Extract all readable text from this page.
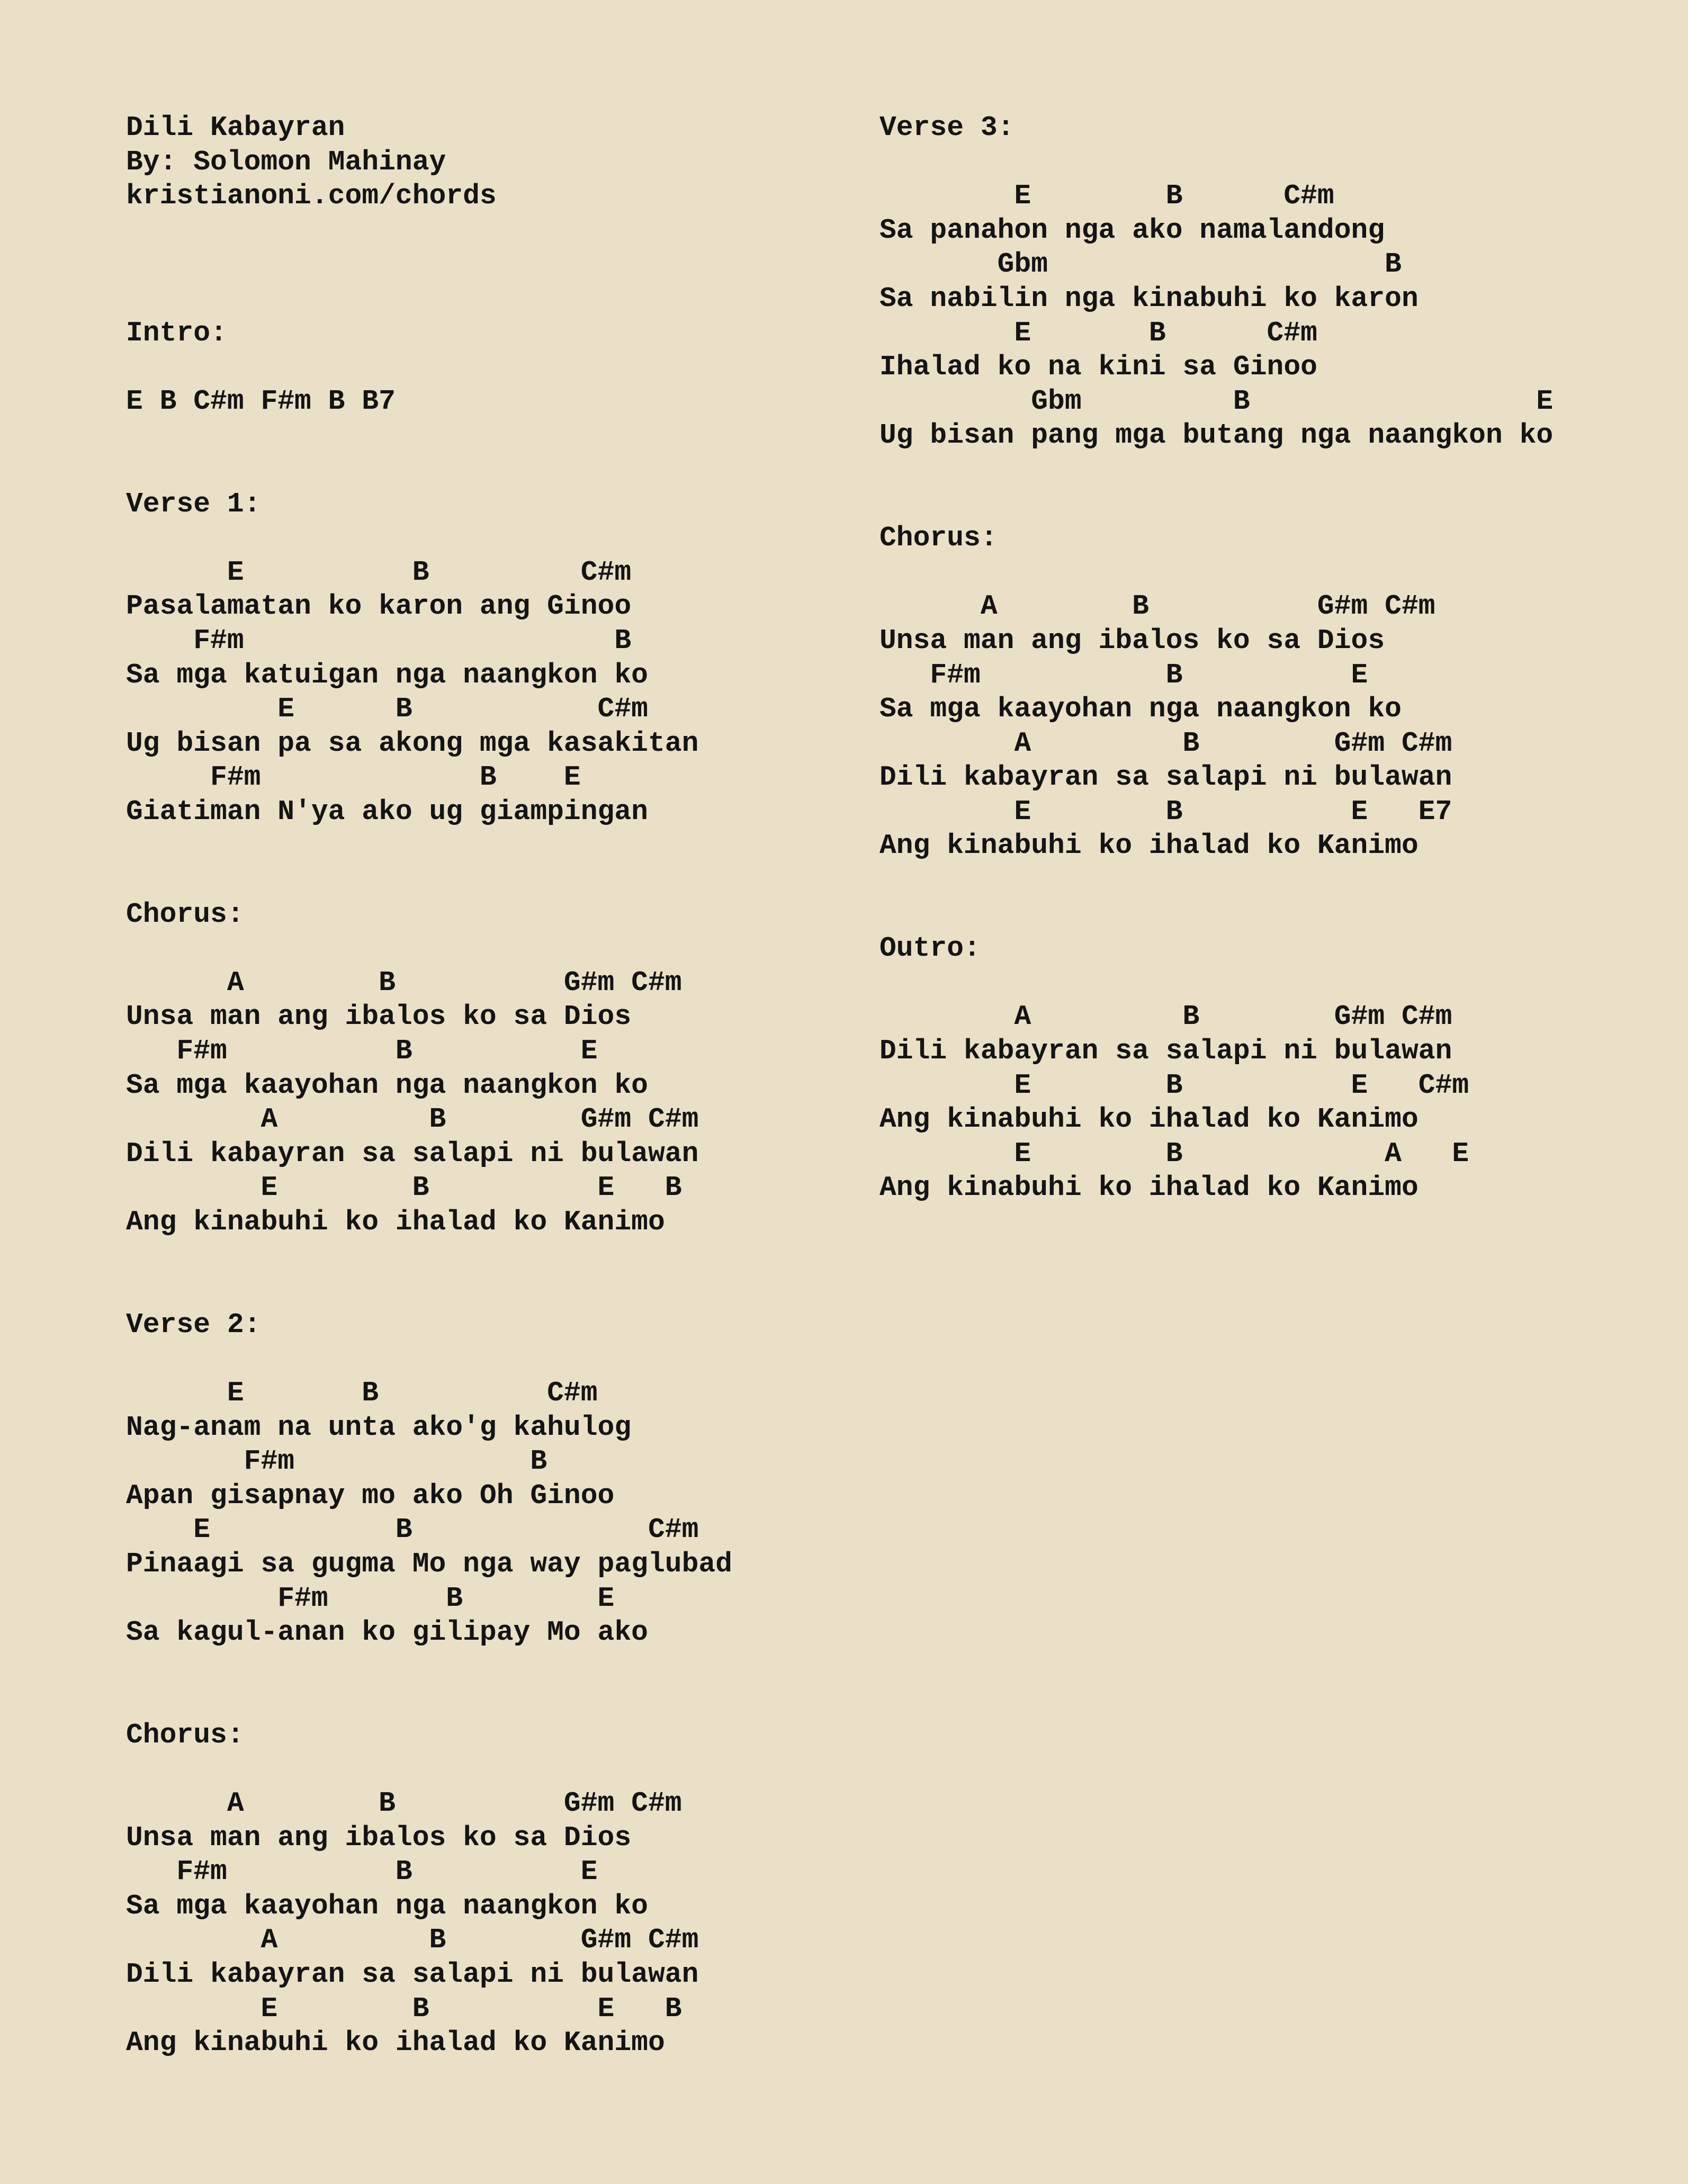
Dili Kabayran
By: Solomon Mahinay
kristianoni.com/chords
Intro:
E B C#m F#m B B7
Verse 1:
E          B         C#m
Pasalamatan ko karon ang Ginoo
F#m                      B
Sa mga katuigan nga naangkon ko
E      B           C#m
Ug bisan pa sa akong mga kasakitan
F#m             B    E
Giatiman N'ya ako ug giampingan
Chorus:
A        B          G#m C#m
Unsa man ang ibalos ko sa Dios
F#m          B          E
Sa mga kaayohan nga naangkon ko
A         B        G#m C#m
Dili kabayran sa salapi ni bulawan
E        B          E   B
Ang kinabuhi ko ihalad ko Kanimo
Verse 2:
E       B          C#m
Nag-anam na unta ako'g kahulog
F#m              B
Apan gisapnay mo ako Oh Ginoo
E           B              C#m
Pinaagi sa gugma Mo nga way paglubad
F#m       B        E
Sa kagul-anan ko gilipay Mo ako
Chorus:
A        B          G#m C#m
Unsa man ang ibalos ko sa Dios
F#m          B          E
Sa mga kaayohan nga naangkon ko
A         B        G#m C#m
Dili kabayran sa salapi ni bulawan
E        B          E   B
Ang kinabuhi ko ihalad ko Kanimo
Verse 3:
E        B      C#m
Sa panahon nga ako namalandong
Gbm                    B
Sa nabilin nga kinabuhi ko karon
E       B      C#m
Ihalad ko na kini sa Ginoo
Gbm         B                 E
Ug bisan pang mga butang nga naangkon ko
Chorus:
A        B          G#m C#m
Unsa man ang ibalos ko sa Dios
F#m           B          E
Sa mga kaayohan nga naangkon ko
A         B        G#m C#m
Dili kabayran sa salapi ni bulawan
E        B          E   E7
Ang kinabuhi ko ihalad ko Kanimo
Outro:
A         B        G#m C#m
Dili kabayran sa salapi ni bulawan
E        B          E   C#m
Ang kinabuhi ko ihalad ko Kanimo
E        B            A   E
Ang kinabuhi ko ihalad ko Kanimo
